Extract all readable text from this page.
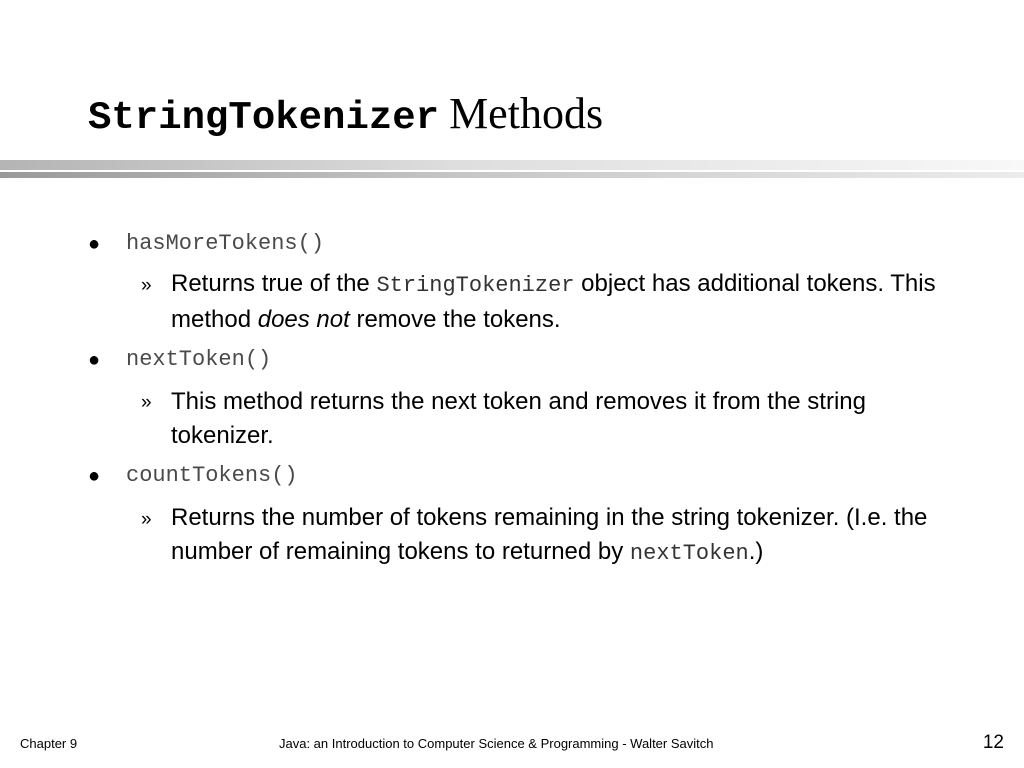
StringTokenizer Methods
● hasMoreTokens()
» Returns true of the StringTokenizer object has additional tokens. This method does not remove the tokens.
● nextToken()
» This method returns the next token and removes it from the string tokenizer.
● countTokens()
» Returns the number of tokens remaining in the string tokenizer. (I.e. the number of remaining tokens to returned by nextToken.)
Chapter 9	Java: an Introduction to Computer Science & Programming - Walter Savitch	12
